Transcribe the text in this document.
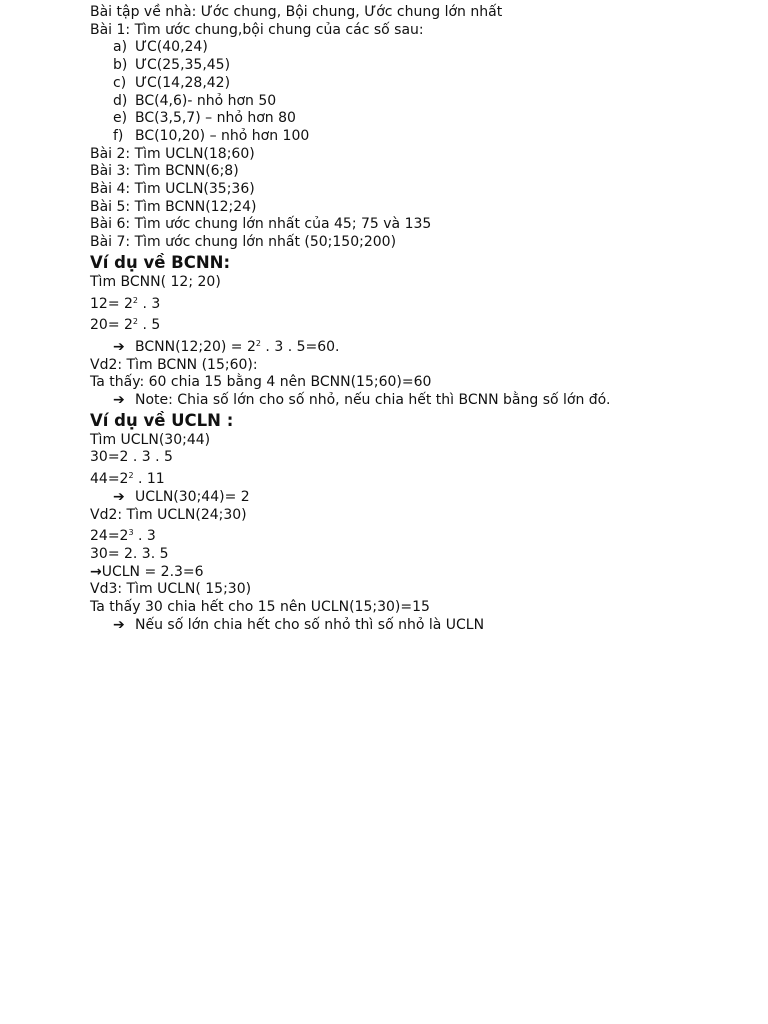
Bài tập về nhà: Ước chung, Bội chung, Ước chung lớn nhất
Bài 1: Tìm ước chung,bội chung của các số sau:
a) ƯC(40,24)
b) ƯC(25,35,45)
c) ƯC(14,28,42)
d) BC(4,6)- nhỏ hơn 50
e) BC(3,5,7) – nhỏ hơn 80
f) BC(10,20) – nhỏ hơn 100
Bài 2: Tìm UCLN(18;60)
Bài 3: Tìm BCNN(6;8)
Bài 4: Tìm UCLN(35;36)
Bài 5: Tìm BCNN(12;24)
Bài 6: Tìm ước chung lớn nhất của 45; 75 và 135
Bài 7: Tìm ước chung lớn nhất (50;150;200)
Ví dụ về BCNN:
Tìm BCNN( 12; 20)
$12= 2^2$ . 3
$20= 2^2$ . 5
➔ BCNN(12;20) = $2^2$ . 3 . 5=60.
Vd2: Tìm BCNN (15;60):
Ta thấy: 60 chia 15 bằng 4 nên BCNN(15;60)=60
➔ Note: Chia số lớn cho số nhỏ, nếu chia hết thì BCNN bằng số lớn đó.
Ví dụ về UCLN :
Tìm UCLN(30;44)
30=2 . 3 . 5
$44=2^2$ . 11
➔ UCLN(30;44)= 2
Vd2: Tìm UCLN(24;30)
$24=2^3$ . 3
30= 2. 3. 5
→UCLN = 2.3=6
Vd3: Tìm UCLN( 15;30)
Ta thấy 30 chia hết cho 15 nên UCLN(15;30)=15
➔ Nếu số lớn chia hết cho số nhỏ thì số nhỏ là UCLN
